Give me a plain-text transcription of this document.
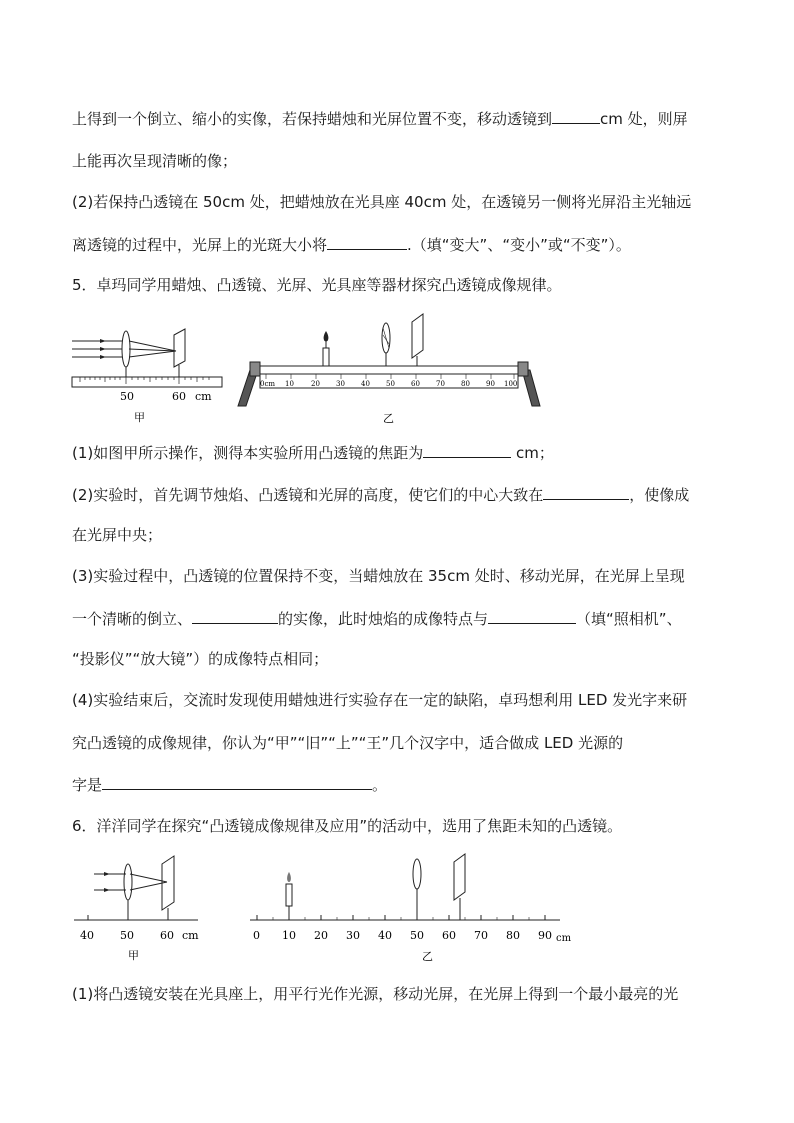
上得到一个倒立、缩小的实像，若保持蜡烛和光屏位置不变，移动透镜到	cm 处，则屏
上能再次呈现清晰的像；
(2)若保持凸透镜在 50cm 处，把蜡烛放在光具座 40cm 处，在透镜另一侧将光屏沿主光轴远
离透镜的过程中，光屏上的光斑大小将	.（填“变大”、“变小”或“不变”）。
5．卓玛同学用蜡烛、凸透镜、光屏、光具座等器材探究凸透镜成像规律。
50	60 cm
甲
0cm 10 20 30 40 50 60 70 80 90 100
乙
(1)如图甲所示操作，测得本实验所用凸透镜的焦距为	cm；
(2)实验时，首先调节烛焰、凸透镜和光屏的高度，使它们的中心大致在	，使像成
在光屏中央；
(3)实验过程中，凸透镜的位置保持不变，当蜡烛放在 35cm 处时、移动光屏，在光屏上呈现
一个清晰的倒立、	的实像，此时烛焰的成像特点与	（填“照相机”、
“投影仪”“放大镜”）的成像特点相同；
(4)实验结束后，交流时发现使用蜡烛进行实验存在一定的缺陷，卓玛想利用 LED 发光字来研
究凸透镜的成像规律，你认为“甲”“旧”“上”“王”几个汉字中，适合做成 LED 光源的
字是	。
6．洋洋同学在探究“凸透镜成像规律及应用”的活动中，选用了焦距未知的凸透镜。
40 50 60 cm
甲
0 10 20 30 40 50 60 70 80 90 cm
乙
(1)将凸透镜安装在光具座上，用平行光作光源，移动光屏，在光屏上得到一个最小最亮的光
